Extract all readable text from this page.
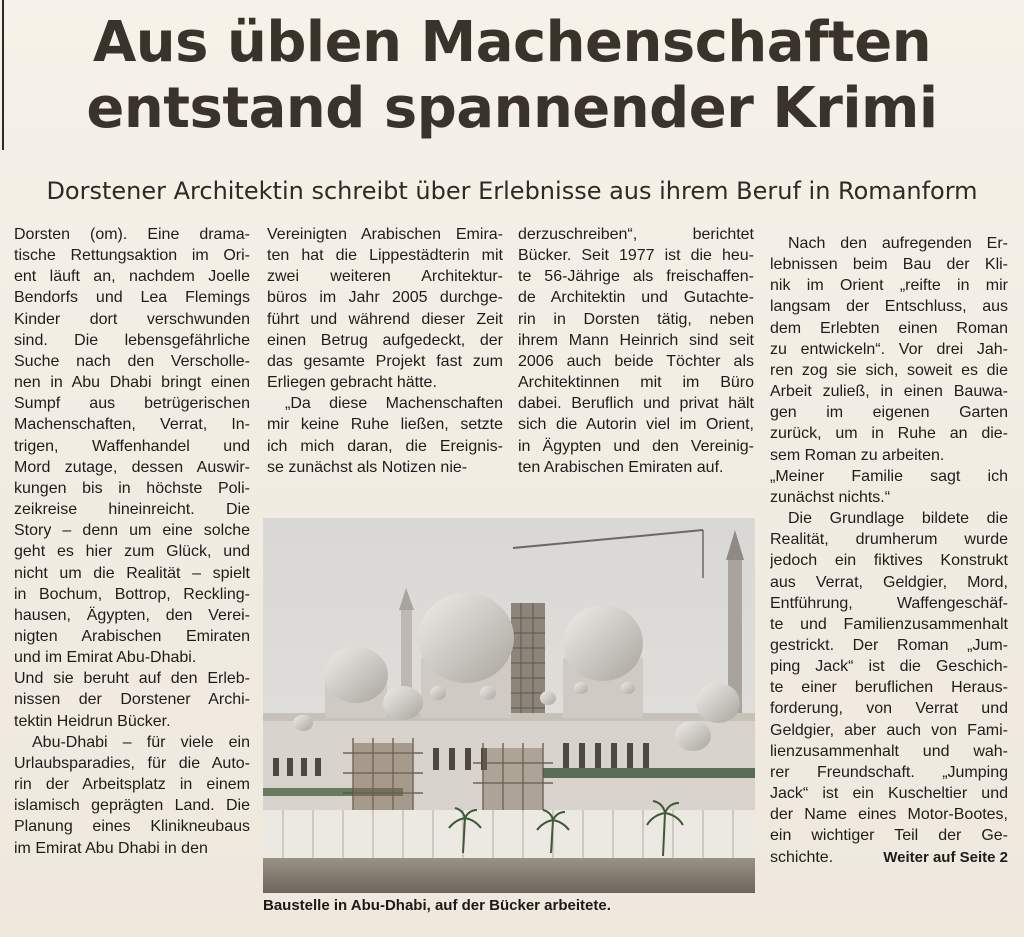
Aus üblen Machenschaften
entstand spannender Krimi
Dorstener Architektin schreibt über Erlebnisse aus ihrem Beruf in Romanform
Dorsten (om). Eine drama-
tische Rettungsaktion im Ori-
ent läuft an, nachdem Joelle
Bendorfs und Lea Flemings
Kinder dort verschwunden
sind. Die lebensgefährliche
Suche nach den Verscholle-
nen in Abu Dhabi bringt einen
Sumpf aus betrügerischen
Machenschaften, Verrat, In-
trigen, Waffenhandel und
Mord zutage, dessen Auswir-
kungen bis in höchste Poli-
zeikreise hineinreicht. Die
Story – denn um eine solche
geht es hier zum Glück, und
nicht um die Realität – spielt
in Bochum, Bottrop, Reckling-
hausen, Ägypten, den Verei-
nigten Arabischen Emiraten
und im Emirat Abu-Dhabi.
Und sie beruht auf den Erleb-
nissen der Dorstener Archi-
tektin Heidrun Bücker.
Abu-Dhabi – für viele ein
Urlaubsparadies, für die Auto-
rin der Arbeitsplatz in einem
islamisch geprägten Land. Die
Planung eines Klinikneubaus
im Emirat Abu Dhabi in den
Vereinigten Arabischen Emira-
ten hat die Lippestädterin mit
zwei weiteren Architektur-
büros im Jahr 2005 durchge-
führt und während dieser Zeit
einen Betrug aufgedeckt, der
das gesamte Projekt fast zum
Erliegen gebracht hätte.
„Da diese Machenschaften
mir keine Ruhe ließen, setzte
ich mich daran, die Ereignis-
se zunächst als Notizen nie-
derzuschreiben“, berichtet
Bücker. Seit 1977 ist die heu-
te 56-Jährige als freischaffen-
de Architektin und Gutachte-
rin in Dorsten tätig, neben
ihrem Mann Heinrich sind seit
2006 auch beide Töchter als
Architektinnen mit im Büro
dabei. Beruflich und privat hält
sich die Autorin viel im Orient,
in Ägypten und den Vereinig-
ten Arabischen Emiraten auf.
Nach den aufregenden Er-
lebnissen beim Bau der Kli-
nik im Orient „reifte in mir
langsam der Entschluss, aus
dem Erlebten einen Roman
zu entwickeln“. Vor drei Jah-
ren zog sie sich, soweit es die
Arbeit zuließ, in einen Bauwa-
gen im eigenen Garten
zurück, um in Ruhe an die-
sem Roman zu arbeiten.
„Meiner Familie sagt ich
zunächst nichts.“
Die Grundlage bildete die
Realität, drumherum wurde
jedoch ein fiktives Konstrukt
aus Verrat, Geldgier, Mord,
Entführung, Waffengeschäf-
te und Familienzusammenhalt
gestrickt. Der Roman „Jum-
ping Jack“ ist die Geschich-
te einer beruflichen Heraus-
forderung, von Verrat und
Geldgier, aber auch von Fami-
lienzusammenhalt und wah-
rer Freundschaft. „Jumping
Jack“ ist ein Kuscheltier und
der Name eines Motor-Bootes,
ein wichtiger Teil der Ge-
schichte.	Weiter auf Seite 2
Baustelle in Abu-Dhabi, auf der Bücker arbeitete.
